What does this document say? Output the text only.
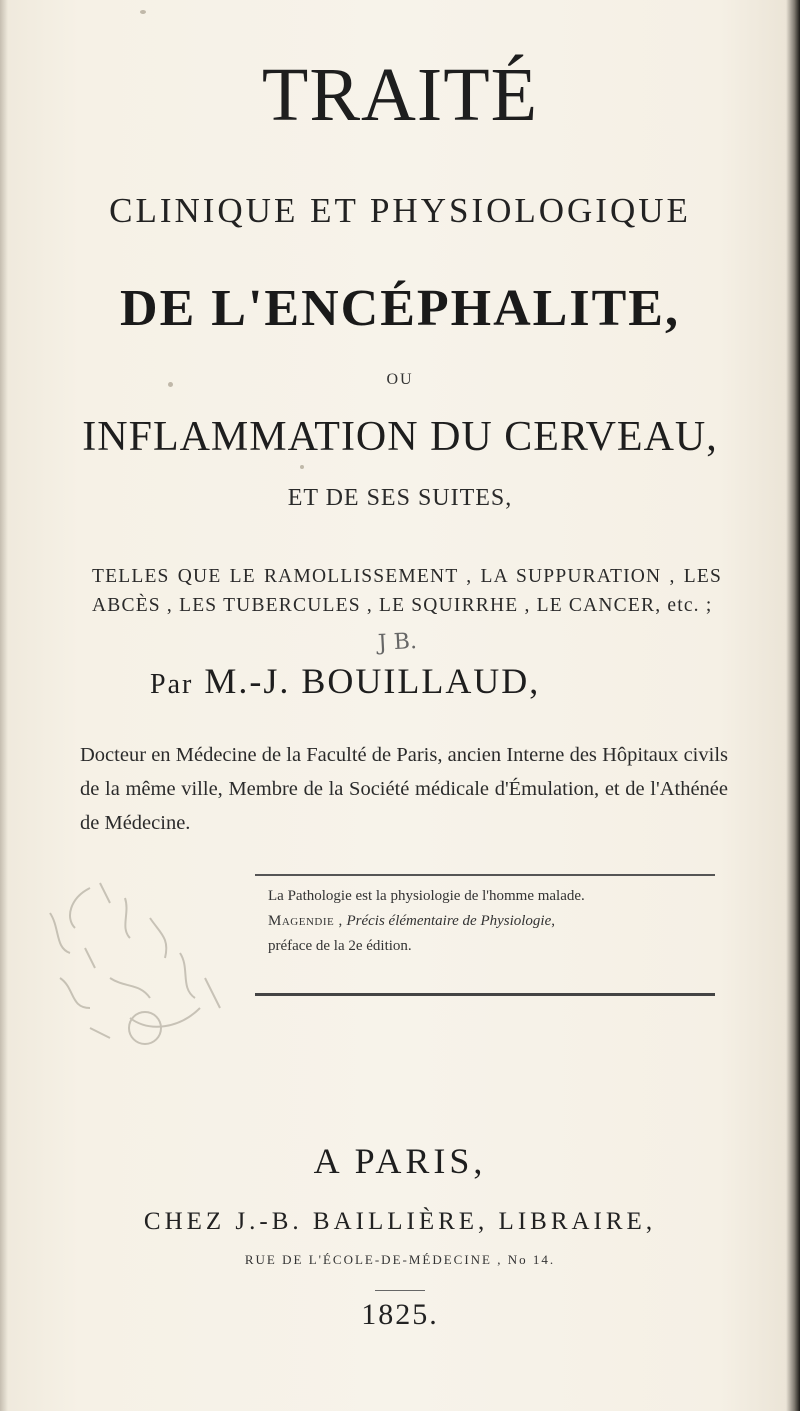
TRAITÉ
CLINIQUE ET PHYSIOLOGIQUE
DE L'ENCÉPHALITE,
OU
INFLAMMATION DU CERVEAU,
ET DE SES SUITES,
TELLES QUE LE RAMOLLISSEMENT , LA SUPPURATION , LES ABCÈS , LES TUBERCULES , LE SQUIRRHE , LE CANCER, etc. ;
J B.
Par M.-J. BOUILLAUD,
Docteur en Médecine de la Faculté de Paris, ancien Interne des Hôpitaux civils de la même ville, Membre de la Société médicale d'Émulation, et de l'Athénée de Médecine.
La Pathologie est la physiologie de l'homme malade.
Magendie , Précis élémentaire de Physiologie,
préface de la 2e édition.
A PARIS,
CHEZ J.-B. BAILLIÈRE, LIBRAIRE,
RUE DE L'ÉCOLE-DE-MÉDECINE , No 14.
1825.
